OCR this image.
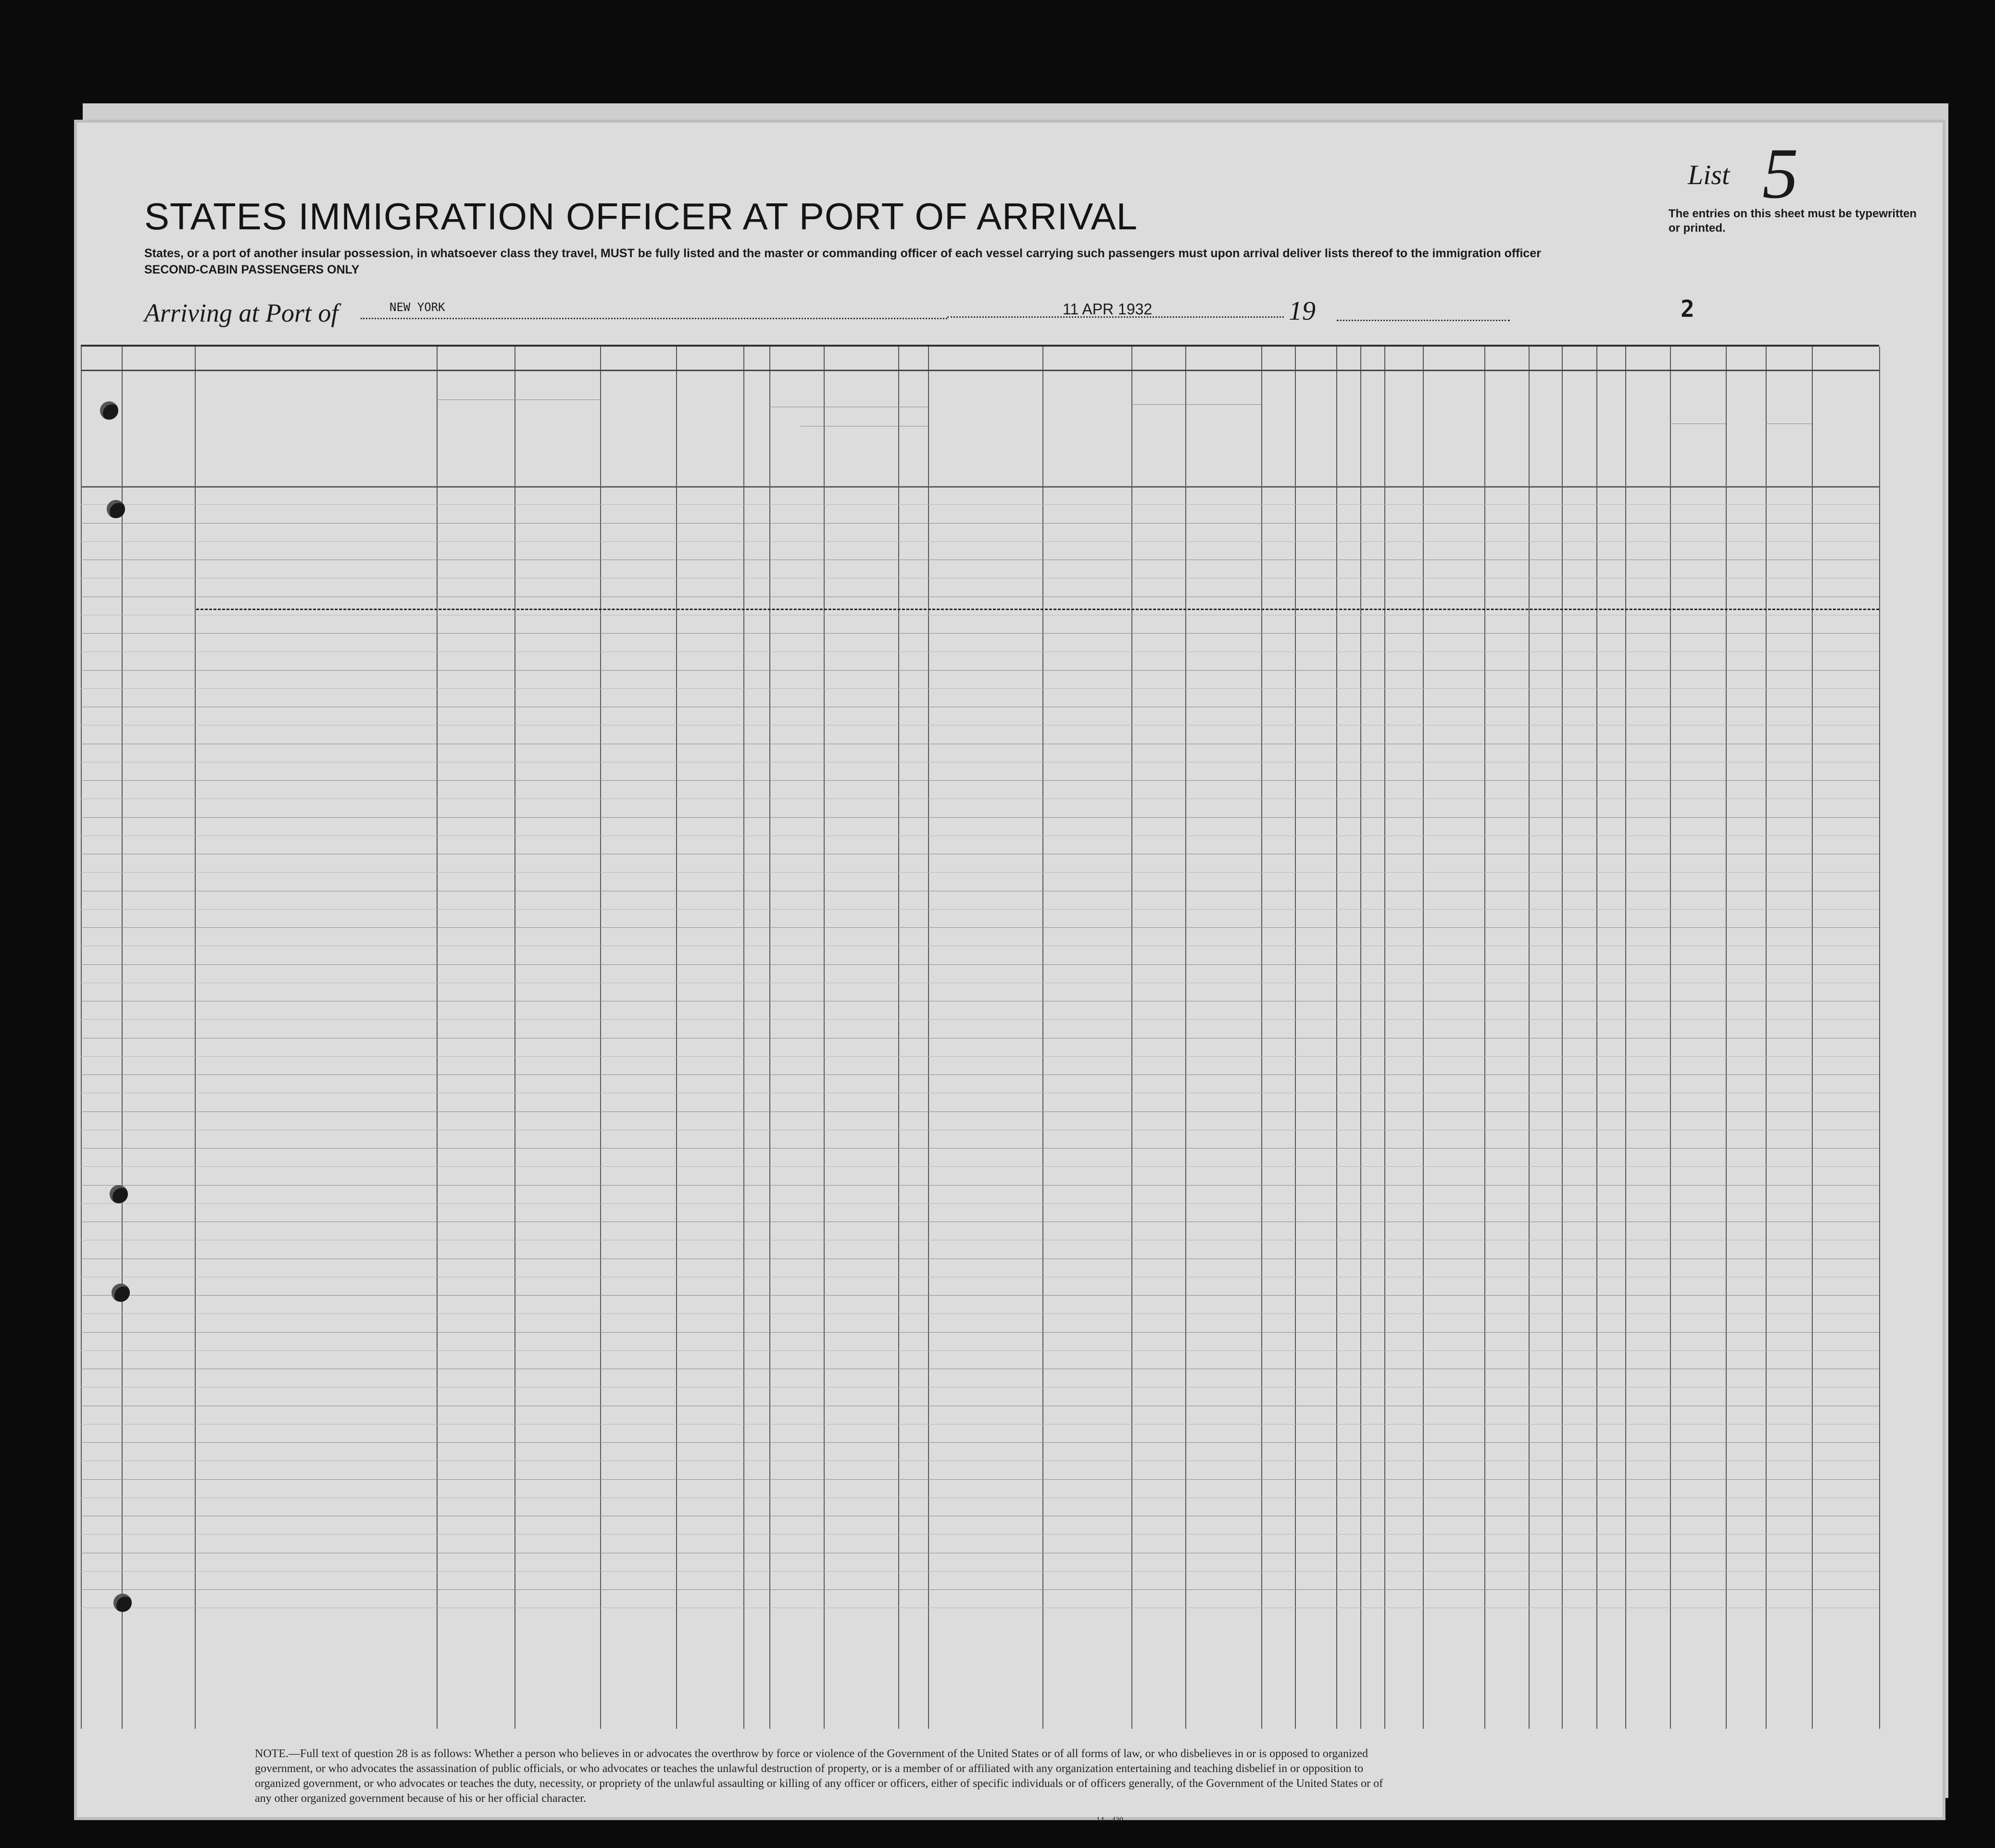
List 5
STATES IMMIGRATION OFFICER AT PORT OF ARRIVAL	The entries on this sheet must be typewritten or printed.
States, or a port of another insular possession, in whatsoever class they travel, MUST be fully listed and the master or commanding officer of each vessel carrying such passengers must upon arrival deliver lists thereof to the immigration officer
SECOND-CABIN PASSENGERS ONLY
Arriving at Port of	NEW YORK	11 APR 1932	19	2
NOTE.—Full text of question 28 is as follows: Whether a person who believes in or advocates the overthrow by force or violence of the Government of the United States or of all forms of law, or who disbelieves in or is opposed to organized government, or who advocates the assassination of public officials, or who advocates or teaches the unlawful destruction of property, or is a member of or affiliated with any organization entertaining and teaching disbelief in or opposition to organized government, or who advocates or teaches the duty, necessity, or propriety of the unlawful assaulting or killing of any officer or officers, either of specific individuals or of officers generally, of the Government of the United States or of any other organized government because of his or her official character.
14—430
